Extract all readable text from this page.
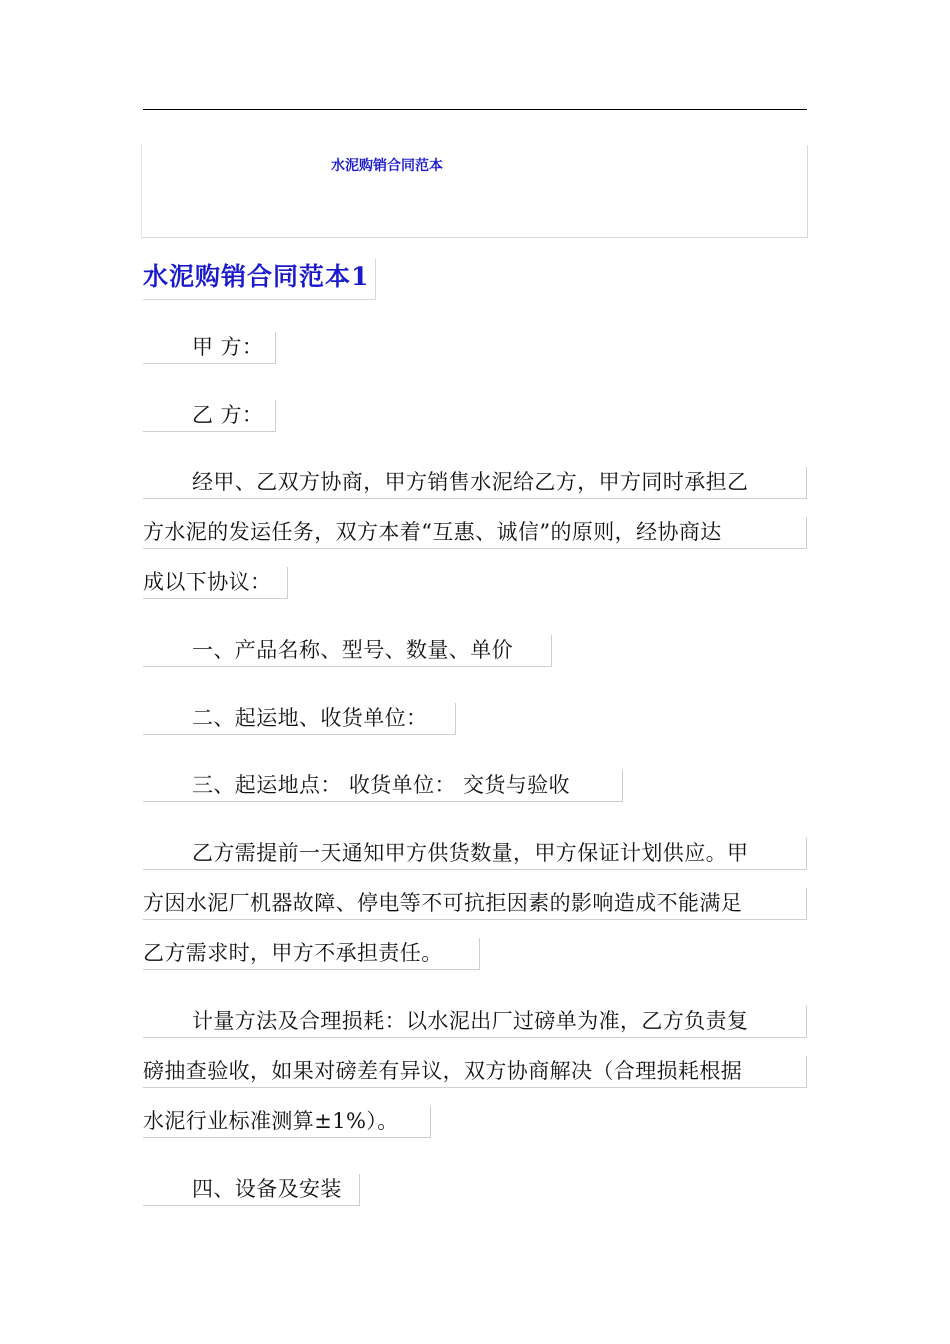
水泥购销合同范本
水泥购销合同范本1
甲 方：
乙 方：
经甲、乙双方协商，甲方销售水泥给乙方，甲方同时承担乙
方水泥的发运任务，双方本着“互惠、诚信”的原则，经协商达
成以下协议：
一、产品名称、型号、数量、单价
二、起运地、收货单位：
三、起运地点： 收货单位： 交货与验收
乙方需提前一天通知甲方供货数量，甲方保证计划供应。甲
方因水泥厂机器故障、停电等不可抗拒因素的影响造成不能满足
乙方需求时，甲方不承担责任。
计量方法及合理损耗：以水泥出厂过磅单为准，乙方负责复
磅抽查验收，如果对磅差有异议，双方协商解决（合理损耗根据
水泥行业标准测算±1%）。
四、设备及安装
